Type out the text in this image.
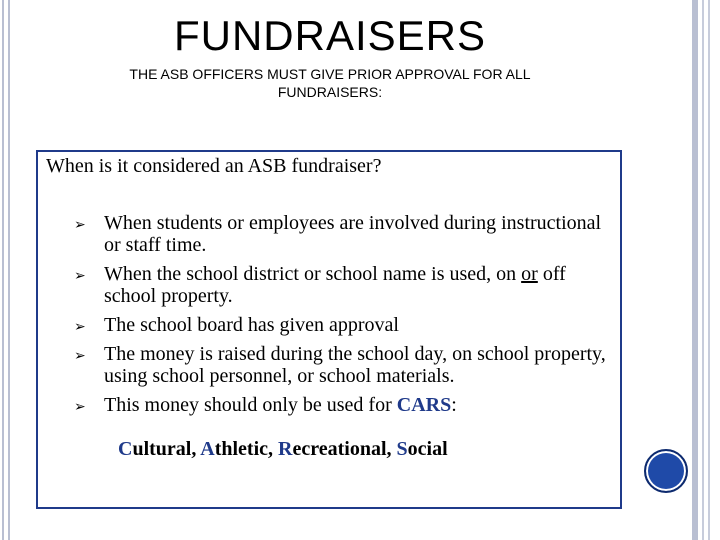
FUNDRAISERS
THE ASB OFFICERS MUST GIVE PRIOR APPROVAL FOR ALL FUNDRAISERS:
When is it considered an ASB fundraiser?
➢ When students or employees are involved during instructional or staff time.
➢ When the school district or school name is used, on or off school property.
➢ The school board has given approval
➢ The money is raised during the school day, on school property, using school personnel, or school materials.
➢ This money should only be used for CARS:
Cultural, Athletic, Recreational, Social
